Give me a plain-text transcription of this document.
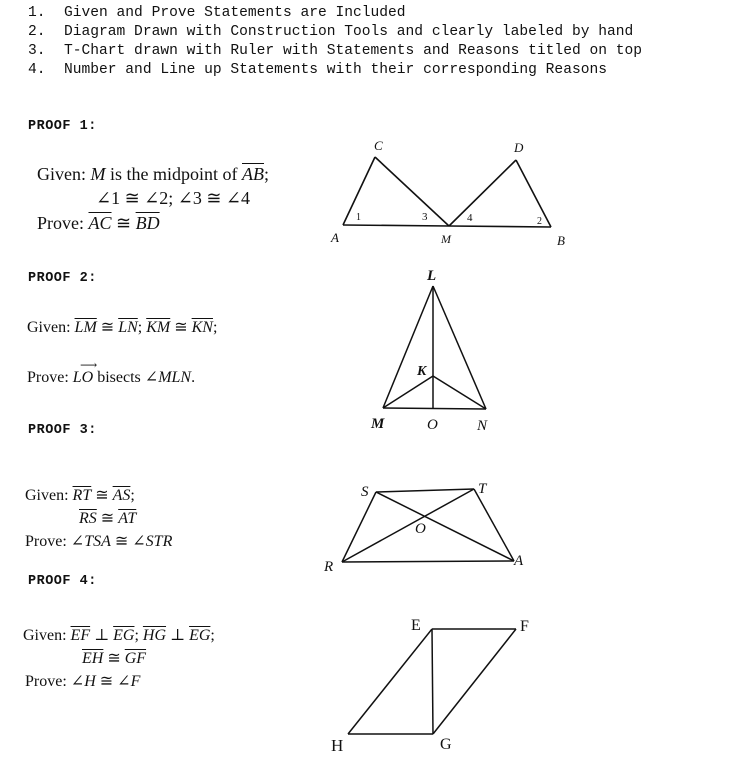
1. Given and Prove Statements are Included
2. Diagram Drawn with Construction Tools and clearly labeled by hand
3. T-Chart drawn with Ruler with Statements and Reasons titled on top
4. Number and Line up Statements with their corresponding Reasons
PROOF 1:
Given: M is the midpoint of $\overline{AB}$;
∠1 ≅ ∠2; ∠3 ≅ ∠4
Prove: $\overline{AC}$ ≅ $\overline{BD}$
C	D
A	M	B
1	2
3	4
PROOF 2:
Given: $\overline{LM}$ ≅ $\overline{LN}$; $\overline{KM}$ ≅ $\overline{KN}$;
Prove:
⟶
LO bisects ∠MLN.
L
K
M	O	N
PROOF 3:
Given: $\overline{RT}$ ≅ $\overline{AS}$;
$\overline{RS}$ ≅ $\overline{AT}$
Prove: ∠TSA ≅ ∠STR
S	T
O
R	A
PROOF 4:
Given: $\overline{EF}$ ⊥ $\overline{EG}$; $\overline{HG}$ ⊥ $\overline{EG}$;
$\overline{EH}$ ≅ $\overline{GF}$
Prove: ∠H ≅ ∠F
E	F
H	G
